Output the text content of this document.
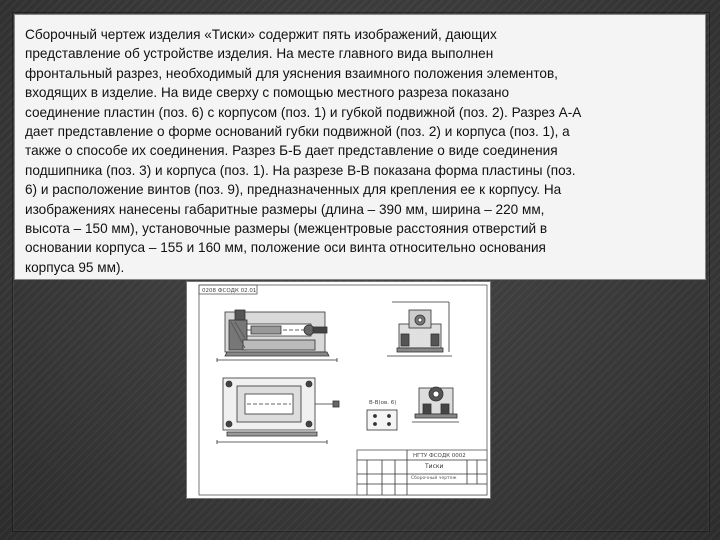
Сборочный чертеж изделия «Тиски» содержит пять изображений, дающих
представление об устройстве изделия. На месте главного вида выполнен
фронтальный разрез, необходимый для уяснения взаимного положения элементов,
входящих в изделие. На виде сверху с помощью местного разреза показано
соединение пластин (поз. 6) с корпусом (поз. 1) и губкой подвижной (поз. 2). Разрез А-А
дает представление о форме оснований губки подвижной (поз. 2) и корпуса (поз. 1), а
также о способе их соединения. Разрез Б-Б дает представление о виде соединения
подшипника (поз. 3) и корпуса (поз. 1). На разрезе В-В показана форма пластины (поз.
6) и расположение винтов (поз. 9), предназначенных для крепления ее к корпусу. На
изображениях нанесены габаритные размеры (длина – 390 мм, ширина – 220 мм,
высота – 150 мм), установочные размеры (межцентровые расстояния отверстий в
основании корпуса – 155 и 160 мм, положение оси винта относительно основания
корпуса 95 мм).

0208 ФСОДК 02.01
В-В(ов. 6)
НГТУ ФСОДК 0002
Тиски
Сборочный чертеж
